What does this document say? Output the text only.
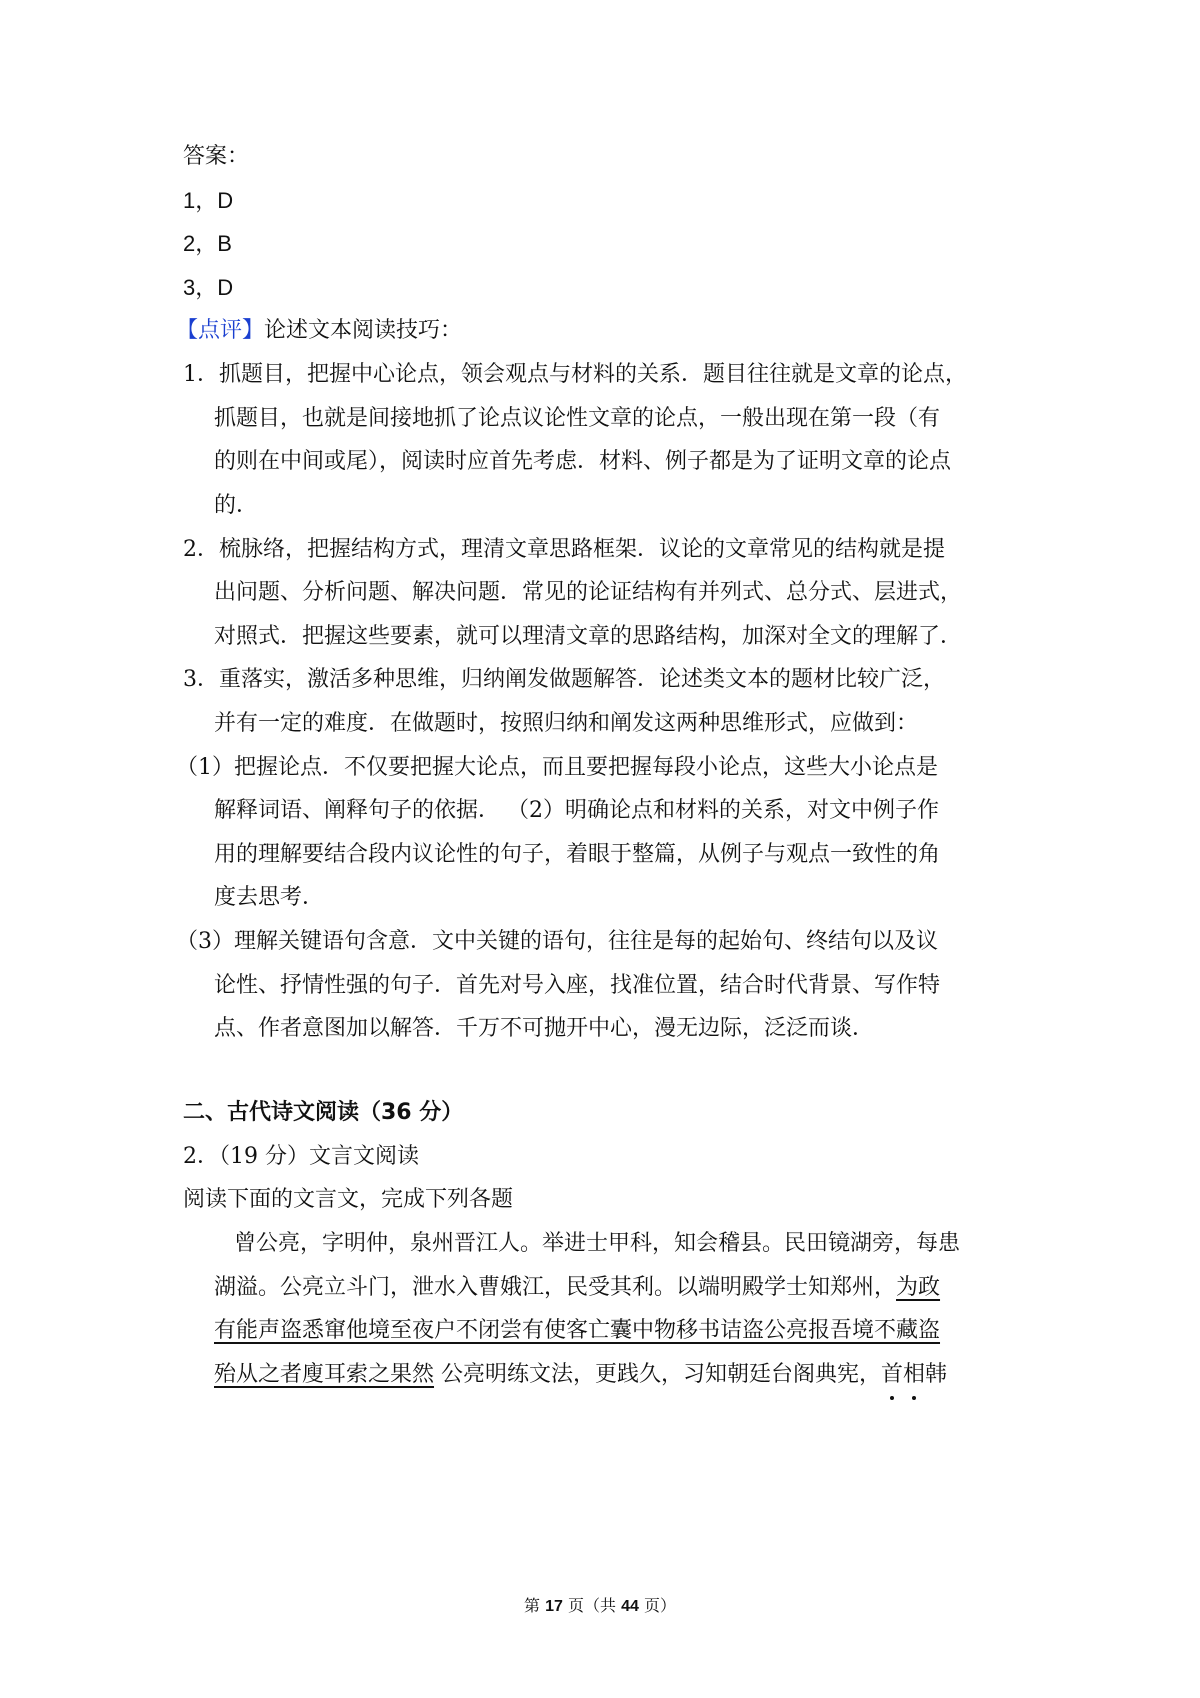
答案：
1，D
2，B
3，D
【点评】论述文本阅读技巧：
1．抓题目，把握中心论点，领会观点与材料的关系．题目往往就是文章的论点，
抓题目，也就是间接地抓了论点议论性文章的论点，一般出现在第一段（有
的则在中间或尾），阅读时应首先考虑．材料、例子都是为了证明文章的论点
的．
2．梳脉络，把握结构方式，理清文章思路框架．议论的文章常见的结构就是提
出问题、分析问题、解决问题．常见的论证结构有并列式、总分式、层进式，
对照式．把握这些要素，就可以理清文章的思路结构，加深对全文的理解了．
3．重落实，激活多种思维，归纳阐发做题解答．论述类文本的题材比较广泛，
并有一定的难度．在做题时，按照归纳和阐发这两种思维形式，应做到：
（1）把握论点．不仅要把握大论点，而且要把握每段小论点，这些大小论点是
解释词语、阐释句子的依据． （2）明确论点和材料的关系，对文中例子作
用的理解要结合段内议论性的句子，着眼于整篇，从例子与观点一致性的角
度去思考．
（3）理解关键语句含意．文中关键的语句，往往是每的起始句、终结句以及议
论性、抒情性强的句子．首先对号入座，找准位置，结合时代背景、写作特
点、作者意图加以解答．千万不可抛开中心，漫无边际，泛泛而谈．
二、古代诗文阅读（36 分）
2．（19 分）文言文阅读
阅读下面的文言文，完成下列各题
曾公亮，字明仲，泉州晋江人。举进士甲科，知会稽县。民田镜湖旁，每患
湖溢。公亮立斗门，泄水入曹娥江，民受其利。以端明殿学士知郑州，为政
有能声盗悉窜他境至夜户不闭尝有使客亡囊中物移书诘盗公亮报吾境不藏盗
殆从之者廋耳索之果然 公亮明练文法，更践久，习知朝廷台阁典宪，首相韩
第 17 页（共 44 页）
